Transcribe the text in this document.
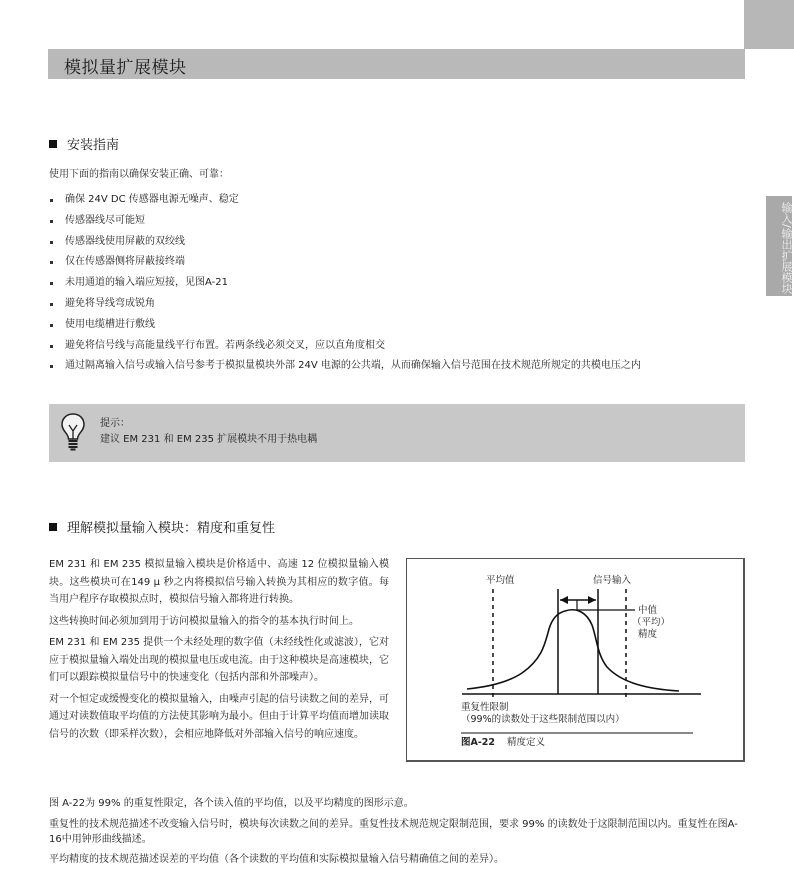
模拟量扩展模块
输入/输出扩展模块
安装指南
使用下面的指南以确保安装正确、可靠：
确保 24V DC 传感器电源无噪声、稳定
传感器线尽可能短
传感器线使用屏蔽的双绞线
仅在传感器侧将屏蔽接终端
未用通道的输入端应短接，见图A-21
避免将导线弯成锐角
使用电缆槽进行敷线
避免将信号线与高能量线平行布置。若两条线必须交叉，应以直角度相交
通过隔离输入信号或输入信号参考于模拟量模块外部 24V 电源的公共端，从而确保输入信号范围在技术规范所规定的共模电压之内
提示：
建议 EM 231 和 EM 235 扩展模块不用于热电耦
理解模拟量输入模块：精度和重复性

EM 231 和 EM 235 模拟量输入模块是价格适中、高速 12 位模拟量输入模块。这些模块可在149 μ 秒之内将模拟信号输入转换为其相应的数字值。每当用户程序存取模拟点时，模拟信号输入都将进行转换。

这些转换时间必须加到用于访问模拟量输入的指令的基本执行时间上。

EM 231 和 EM 235 提供一个未经处理的数字值（未经线性化或滤波），它对应于模拟量输入端处出现的模拟量电压或电流。由于这种模块是高速模块，它们可以跟踪模拟量信号中的快速变化（包括内部和外部噪声）。

对一个恒定或缓慢变化的模拟量输入，由噪声引起的信号读数之间的差异，可通过对读数值取平均值的方法使其影响为最小。但由于计算平均值而增加读取信号的次数（即采样次数），会相应地降低对外部输入信号的响应速度。

平均值	信号输入
中值
（平均）
精度
重复性限制
（99%的读数处于这些限制范围以内）
图A-22 精度定义
图 A-22为 99% 的重复性限定，各个读入值的平均值，以及平均精度的图形示意。
重复性的技术规范描述不改变输入信号时，模块每次读数之间的差异。重复性技术规范规定限制范围，要求 99% 的读数处于这限制范围以内。重复性在图A-16中用钟形曲线描述。
平均精度的技术规范描述误差的平均值（各个读数的平均值和实际模拟量输入信号精确值之间的差异）。
